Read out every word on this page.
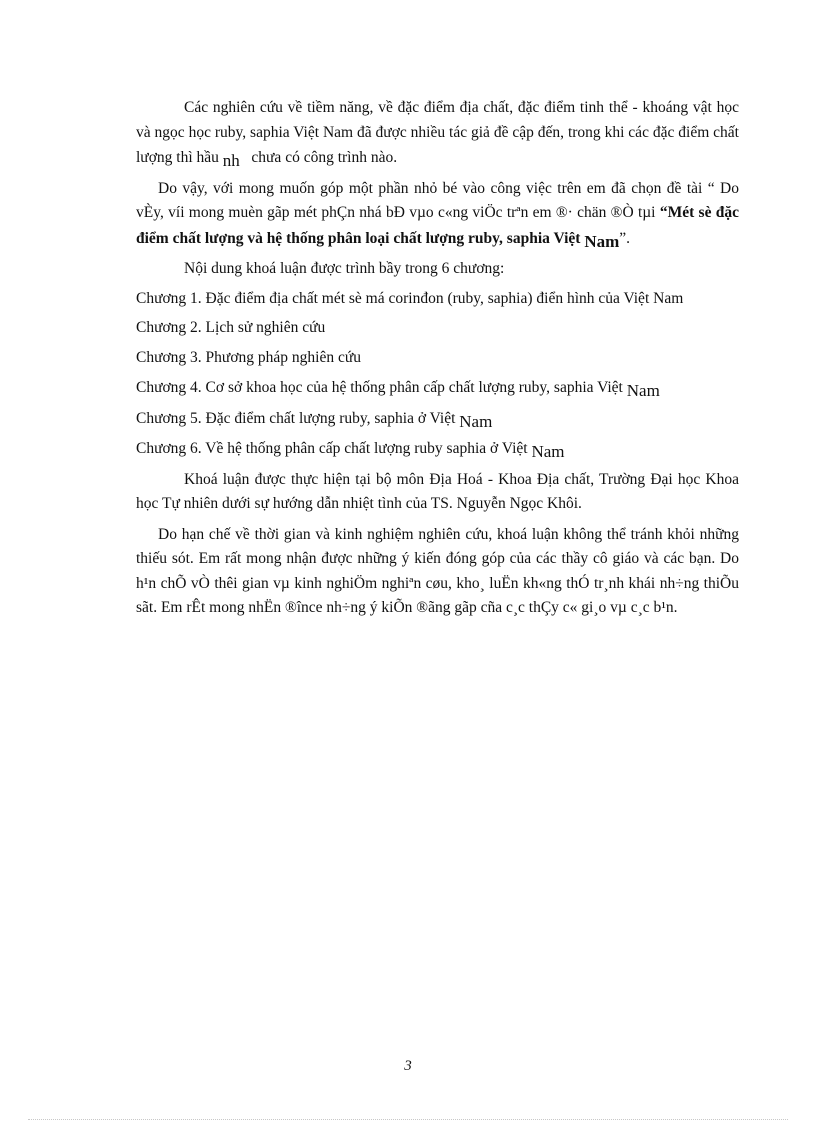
Các nghiên cứu về tiềm năng, về đặc điểm địa chất, đặc điểm tinh thể - khoáng vật học và ngọc học ruby, saphia Việt Nam đã được nhiều tác giả đề cập đến, trong khi các đặc điểm chất lượng thì hầu nh chưa có công trình nào.

Do vậy, với mong muốn góp một phần nhỏ bé vào công việc trên em đã chọn đề tài “ Do vÈy, víi mong muèn gãp mét phÇn nhá bÐ vµo c«ng viÖc trªn em ®· chän ®Ò tµi “Mét sè đặc điểm chất lượng và hệ thống phân loại chất lượng ruby, saphia Việt Nam”.

Nội dung khoá luận được trình bầy trong 6 chương:

Chương 1. Đặc điểm địa chất mét sè má corinđon (ruby, saphia) điển hình của Việt Nam

Chương 2. Lịch sử nghiên cứu

Chương 3. Phương pháp nghiên cứu

Chương 4. Cơ sở khoa học của hệ thống phân cấp chất lượng ruby, saphia Việt Nam

Chương 5. Đặc điểm chất lượng ruby, saphia ở Việt Nam

Chương 6. Về hệ thống phân cấp chất lượng ruby saphia ở Việt Nam

Khoá luận được thực hiện tại bộ môn Địa Hoá - Khoa Địa chất, Trường Đại học Khoa học Tự nhiên dưới sự hướng dẫn nhiệt tình của TS. Nguyễn Ngọc Khôi.

Do hạn chế về thời gian và kinh nghiệm nghiên cứu, khoá luận không thể tránh khỏi những thiếu sót. Em rất mong nhận được những ý kiến đóng góp của các thầy cô giáo và các bạn. Do h¹n chÕ vÒ thêi gian vµ kinh nghiÖm nghiªn cøu, kho¸ luËn kh«ng thÓ tr¸nh khái nh÷ng thiÕu sãt. Em rÊt mong nhËn ®înce nh÷ng ý kiÕn ®ãng gãp cña c¸c thÇy c« gi¸o vµ c¸c b¹n.

3
